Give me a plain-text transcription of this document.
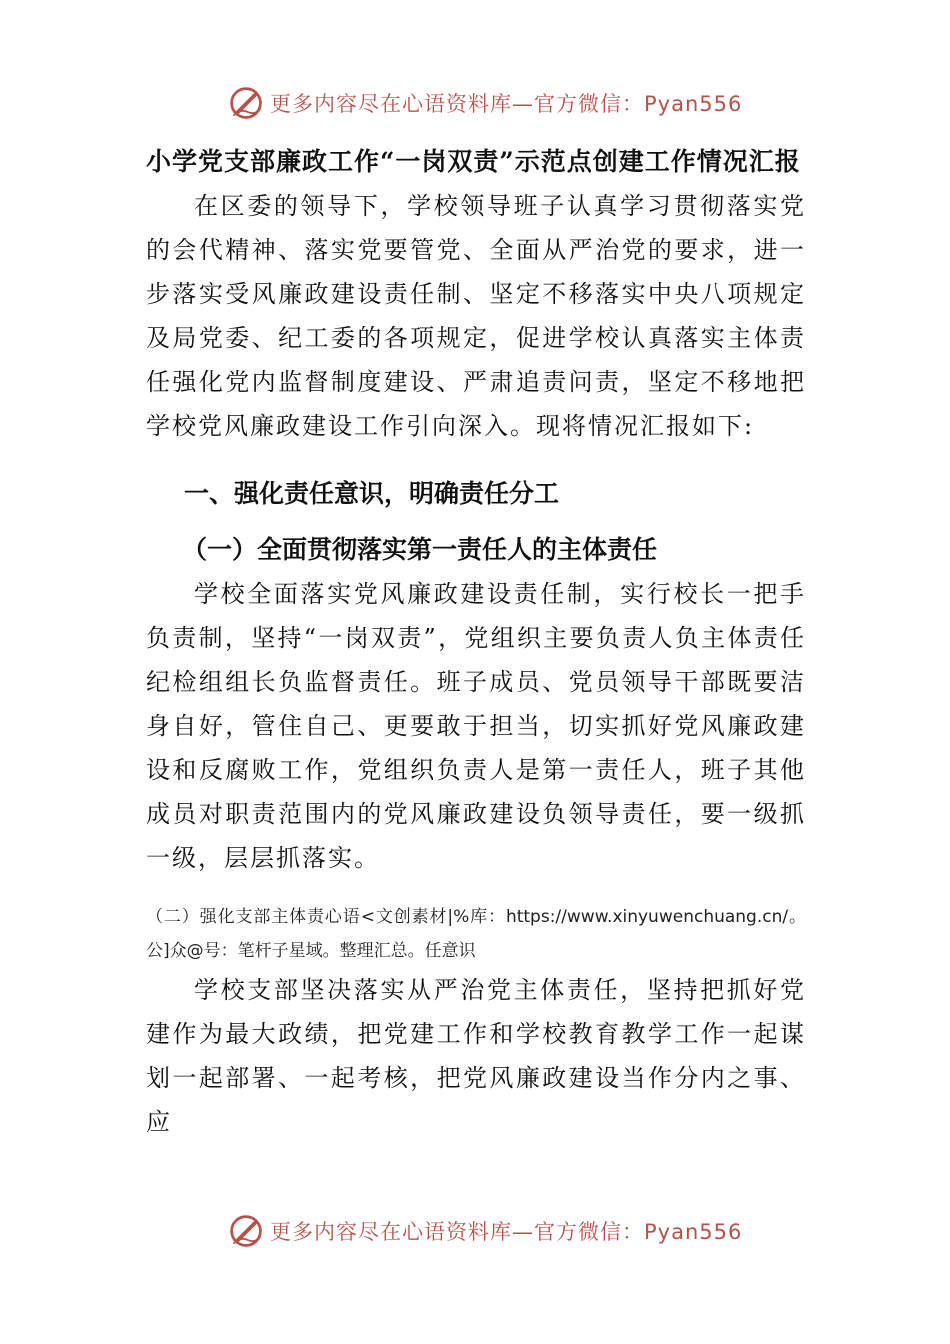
更多内容尽在心语资料库—官方微信：Pyan556
小学党支部廉政工作“一岗双责”示范点创建工作情况汇报

在区委的领导下，学校领导班子认真学习贯彻落实党的会代精神、落实党要管党、全面从严治党的要求，进一步落实受风廉政建设责任制、坚定不移落实中央八项规定及局党委、纪工委的各项规定，促进学校认真落实主体责任强化党内监督制度建设、严肃追责问责，坚定不移地把学校党风廉政建设工作引向深入。现将情况汇报如下:

一、强化责任意识，明确责任分工
（一）全面贯彻落实第一责任人的主体责任

学校全面落实党风廉政建设责任制，实行校长一把手负责制，坚持“一岗双责”，党组织主要负责人负主体责任纪检组组长负监督责任。班子成员、党员领导干部既要洁身自好，管住自己、更要敢于担当，切实抓好党风廉政建设和反腐败工作，党组织负责人是第一责任人，班子其他成员对职责范围内的党风廉政建设负领导责任，要一级抓一级，层层抓落实。

（二）强化支部主体责心语<文创素材|%库：https://www.xinyuwenchuang.cn/。公]众@号：笔杆子星域。整理汇总。任意识

学校支部坚决落实从严治党主体责任，坚持把抓好党建作为最大政绩，把党建工作和学校教育教学工作一起谋划一起部署、一起考核，把党风廉政建设当作分内之事、应

更多内容尽在心语资料库—官方微信：Pyan556
